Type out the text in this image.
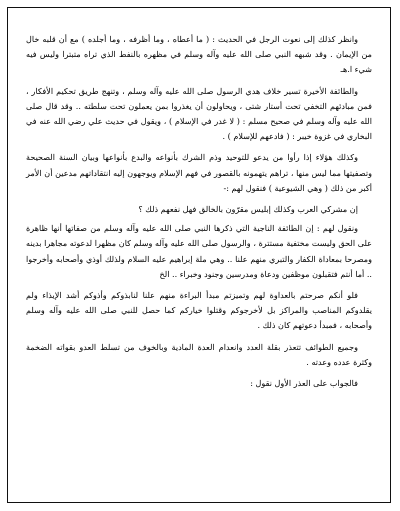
وانظر كذلك إلى نعوت الرجل في الحديث : ( ما أعطاه ، وما أظرفه ، وما أجلده ) مع أن قلبه خال من الإيمان . وقد شبهه النبي صلى الله عليه وآله وسلم في مظهره بالنفط الذي تراه متبترا وليس فيه شيء ا.هـ

والطائفة الأخيرة تسير خلاف هدي الرسول صلى الله عليه وآله وسلم ، وتنهج طريق تحكيم الأفكار ، فمن مبادئهم التخفي تحت أستار شتى ، ويحاولون أن يغذروا بمن يعملون تحت سلطته .. وقد قال صلى الله عليه وآله وسلم في صحيح مسلم : ( لا غدر في الإسلام ) ، ويقول في حديث علي رضي الله عنه في البخاري في غزوة خيبر : ( فادعهم للإسلام ) .

وكذلك هؤلاء إذا رأوا من يدعو للتوحيد وذم الشرك بأنواعه والبدع بأنواعها وبيان السنة الصحيحة وتصفيتها مما ليس منها ، تراهم يتهمونه بالقصور في فهم الإسلام ويوجهون إليه انتقاداتهم مدعين أن الأمر أكبر من ذلك ( وهي الشيوعية ) فنقول لهم :-

إن مشركي العرب وكذلك إبليس مقرّون بالخالق فهل نفعهم ذلك ؟

ونقول لهم : إن الطائفة الناجية التي ذكرها النبي صلى الله عليه وآله وسلم من صفاتها أنها ظاهرة على الحق وليست مختفية مستترة ، والرسول صلى الله عليه وآله وسلم كان مظهرا لدعوته مجاهرا بدينه ومصرحا بمعاداة الكفار والتبري منهم علنا .. وهي ملة إبراهيم عليه السلام ولذلك أوذي وأصحابه وأخرجوا .. أما أنتم فتقبلون موظفين ودعاة ومدرسين وجنود وخبراء .. الخ

فلو أنكم صرحتم بالعداوة لهم وتميزتم مبدأ البراءة منهم علنا لنابذوكم وأذوكم أشد الإيذاء ولم يقلدوكم المناصب والمراكز بل لأخرجوكم وقتلوا خياركم كما حصل للنبي صلى الله عليه وآله وسلم وأصحابه ، فمبدأ دعوتهم كان ذلك .

وجميع الطوائف تتعذر بقلة العدد وانعدام العدة المادية وبالخوف من تسلط العدو بقواته الضخمة وكثرة عدده وعدته .

فالجواب على العذر الأول نقول :
